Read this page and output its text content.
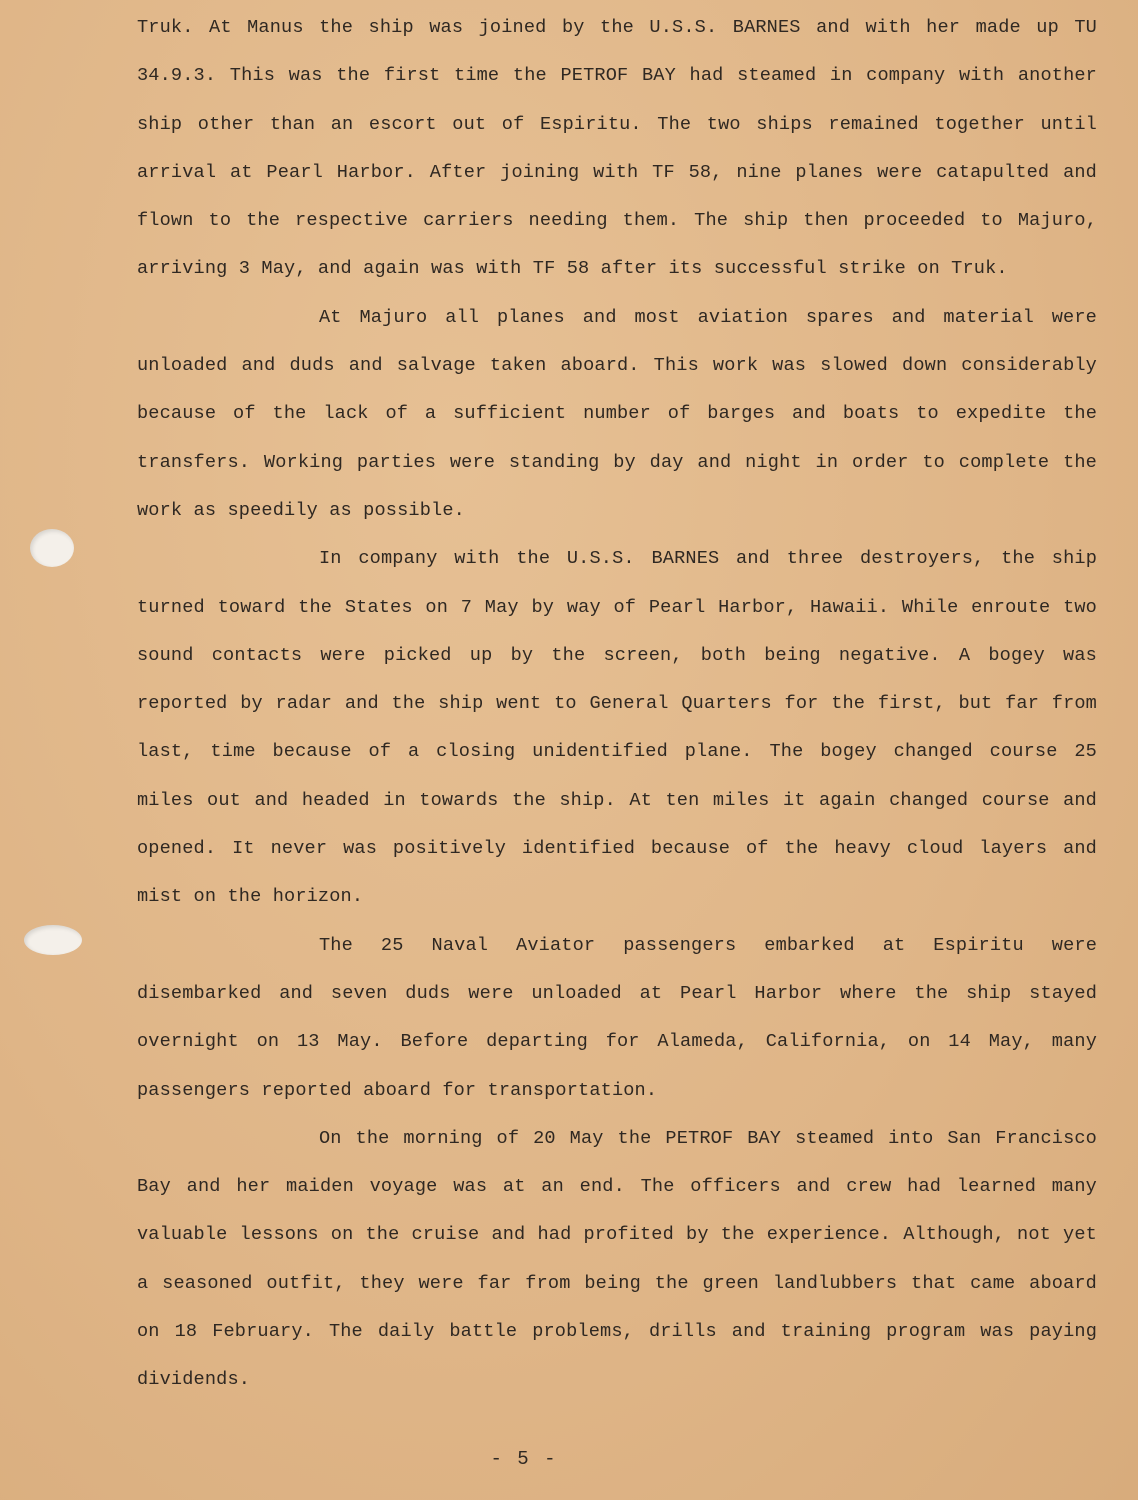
Truk. At Manus the ship was joined by the U.S.S. BARNES and with her made up TU 34.9.3. This was the first time the PETROF BAY had steamed in company with another ship other than an escort out of Espiritu. The two ships remained together until arrival at Pearl Harbor. After joining with TF 58, nine planes were catapulted and flown to the respective carriers needing them. The ship then proceeded to Majuro, arriving 3 May, and again was with TF 58 after its successful strike on Truk.

At Majuro all planes and most aviation spares and material were unloaded and duds and salvage taken aboard. This work was slowed down considerably because of the lack of a sufficient number of barges and boats to expedite the transfers. Working parties were standing by day and night in order to complete the work as speedily as possible.

In company with the U.S.S. BARNES and three destroyers, the ship turned toward the States on 7 May by way of Pearl Harbor, Hawaii. While enroute two sound contacts were picked up by the screen, both being negative. A bogey was reported by radar and the ship went to General Quarters for the first, but far from last, time because of a closing unidentified plane. The bogey changed course 25 miles out and headed in towards the ship. At ten miles it again changed course and opened. It never was positively identified because of the heavy cloud layers and mist on the horizon.

The 25 Naval Aviator passengers embarked at Espiritu were disembarked and seven duds were unloaded at Pearl Harbor where the ship stayed overnight on 13 May. Before departing for Alameda, California, on 14 May, many passengers reported aboard for transportation.

On the morning of 20 May the PETROF BAY steamed into San Francisco Bay and her maiden voyage was at an end. The officers and crew had learned many valuable lessons on the cruise and had profited by the experience. Although, not yet a seasoned outfit, they were far from being the green landlubbers that came aboard on 18 February. The daily battle problems, drills and training program was paying dividends.

- 5 -
